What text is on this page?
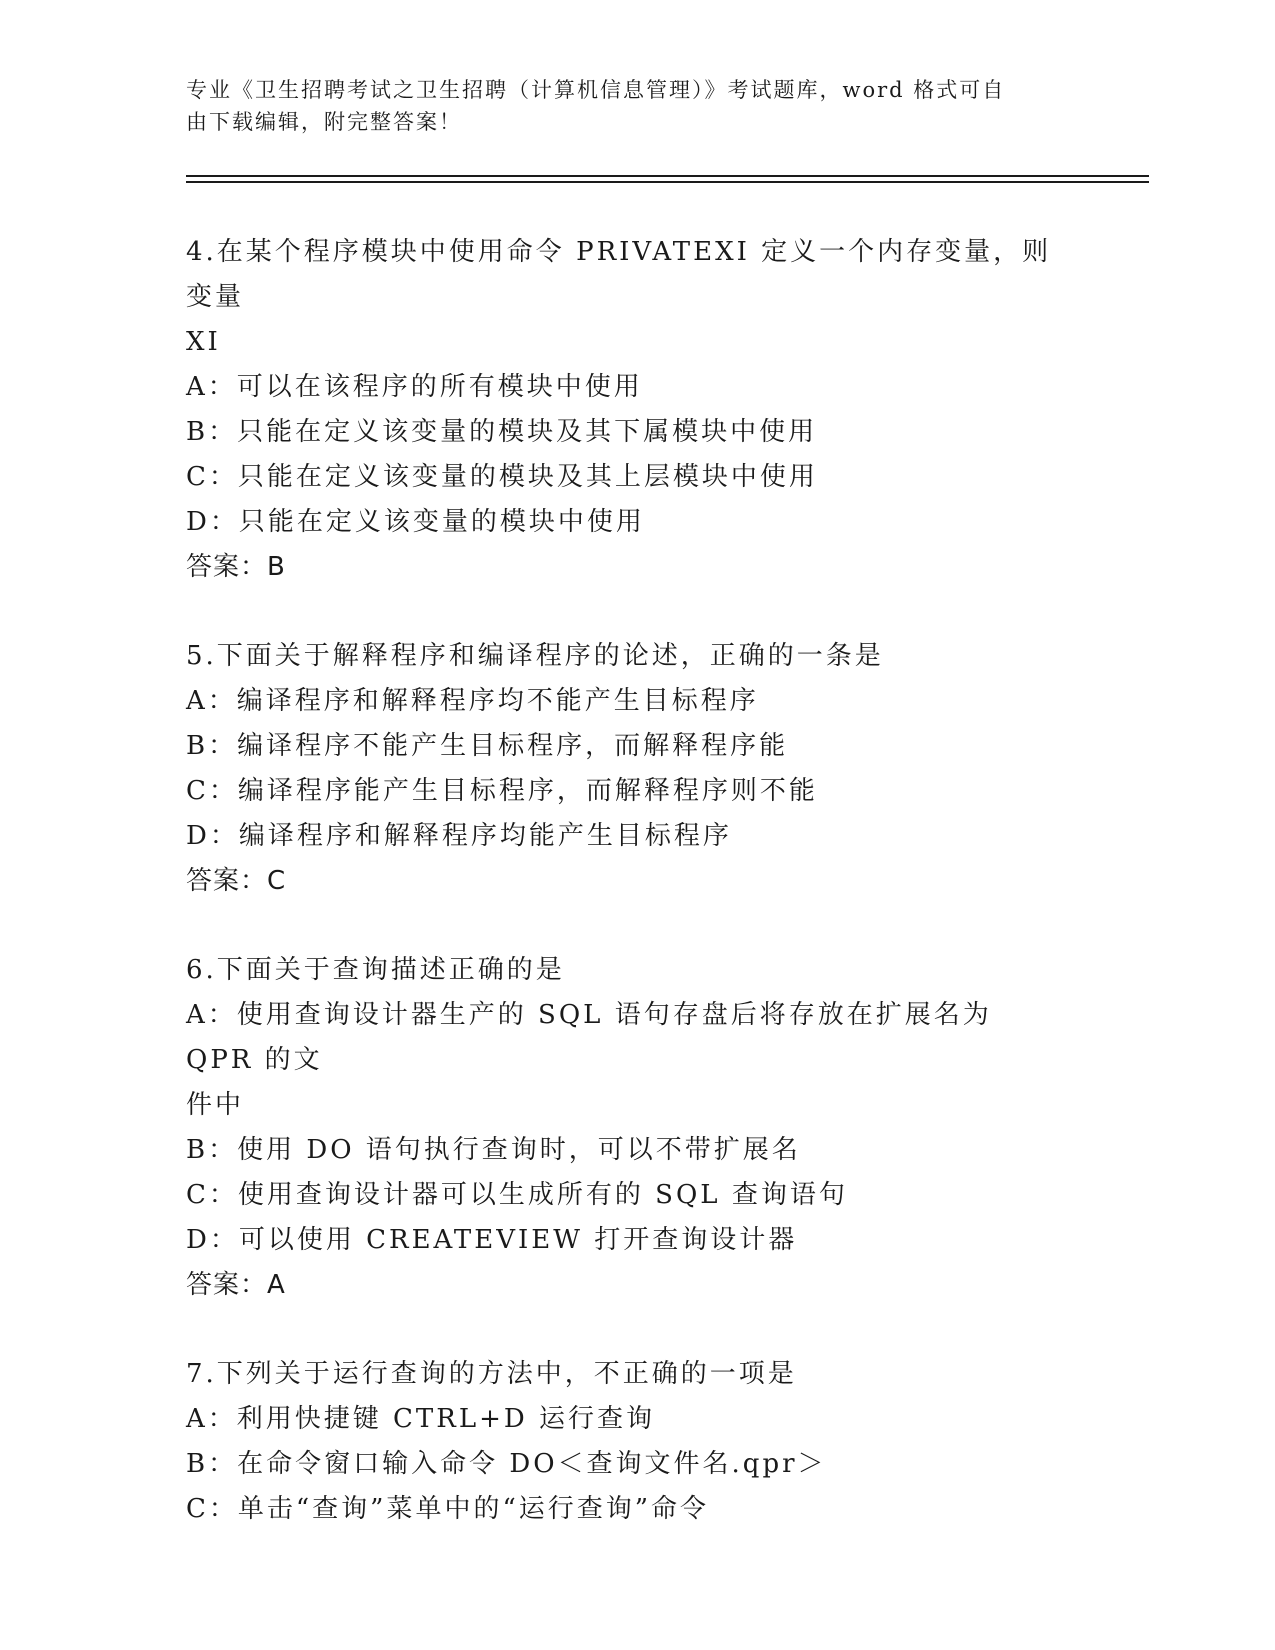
专业《卫生招聘考试之卫生招聘（计算机信息管理）》考试题库，word 格式可自
由下载编辑，附完整答案！
4.在某个程序模块中使用命令 PRIVATEXI 定义一个内存变量，则变量
XI
A：可以在该程序的所有模块中使用
B：只能在定义该变量的模块及其下属模块中使用
C：只能在定义该变量的模块及其上层模块中使用
D：只能在定义该变量的模块中使用
答案：B
5.下面关于解释程序和编译程序的论述，正确的一条是
A：编译程序和解释程序均不能产生目标程序
B：编译程序不能产生目标程序，而解释程序能
C：编译程序能产生目标程序，而解释程序则不能
D：编译程序和解释程序均能产生目标程序
答案：C
6.下面关于查询描述正确的是
A：使用查询设计器生产的 SQL 语句存盘后将存放在扩展名为 QPR 的文
件中
B：使用 DO 语句执行查询时，可以不带扩展名
C：使用查询设计器可以生成所有的 SQL 查询语句
D：可以使用 CREATEVIEW 打开查询设计器
答案：A
7.下列关于运行查询的方法中，不正确的一项是
A：利用快捷键 CTRL+D 运行查询
B：在命令窗口输入命令 DO＜查询文件名.qpr＞
C：单击“查询”菜单中的“运行查询”命令
